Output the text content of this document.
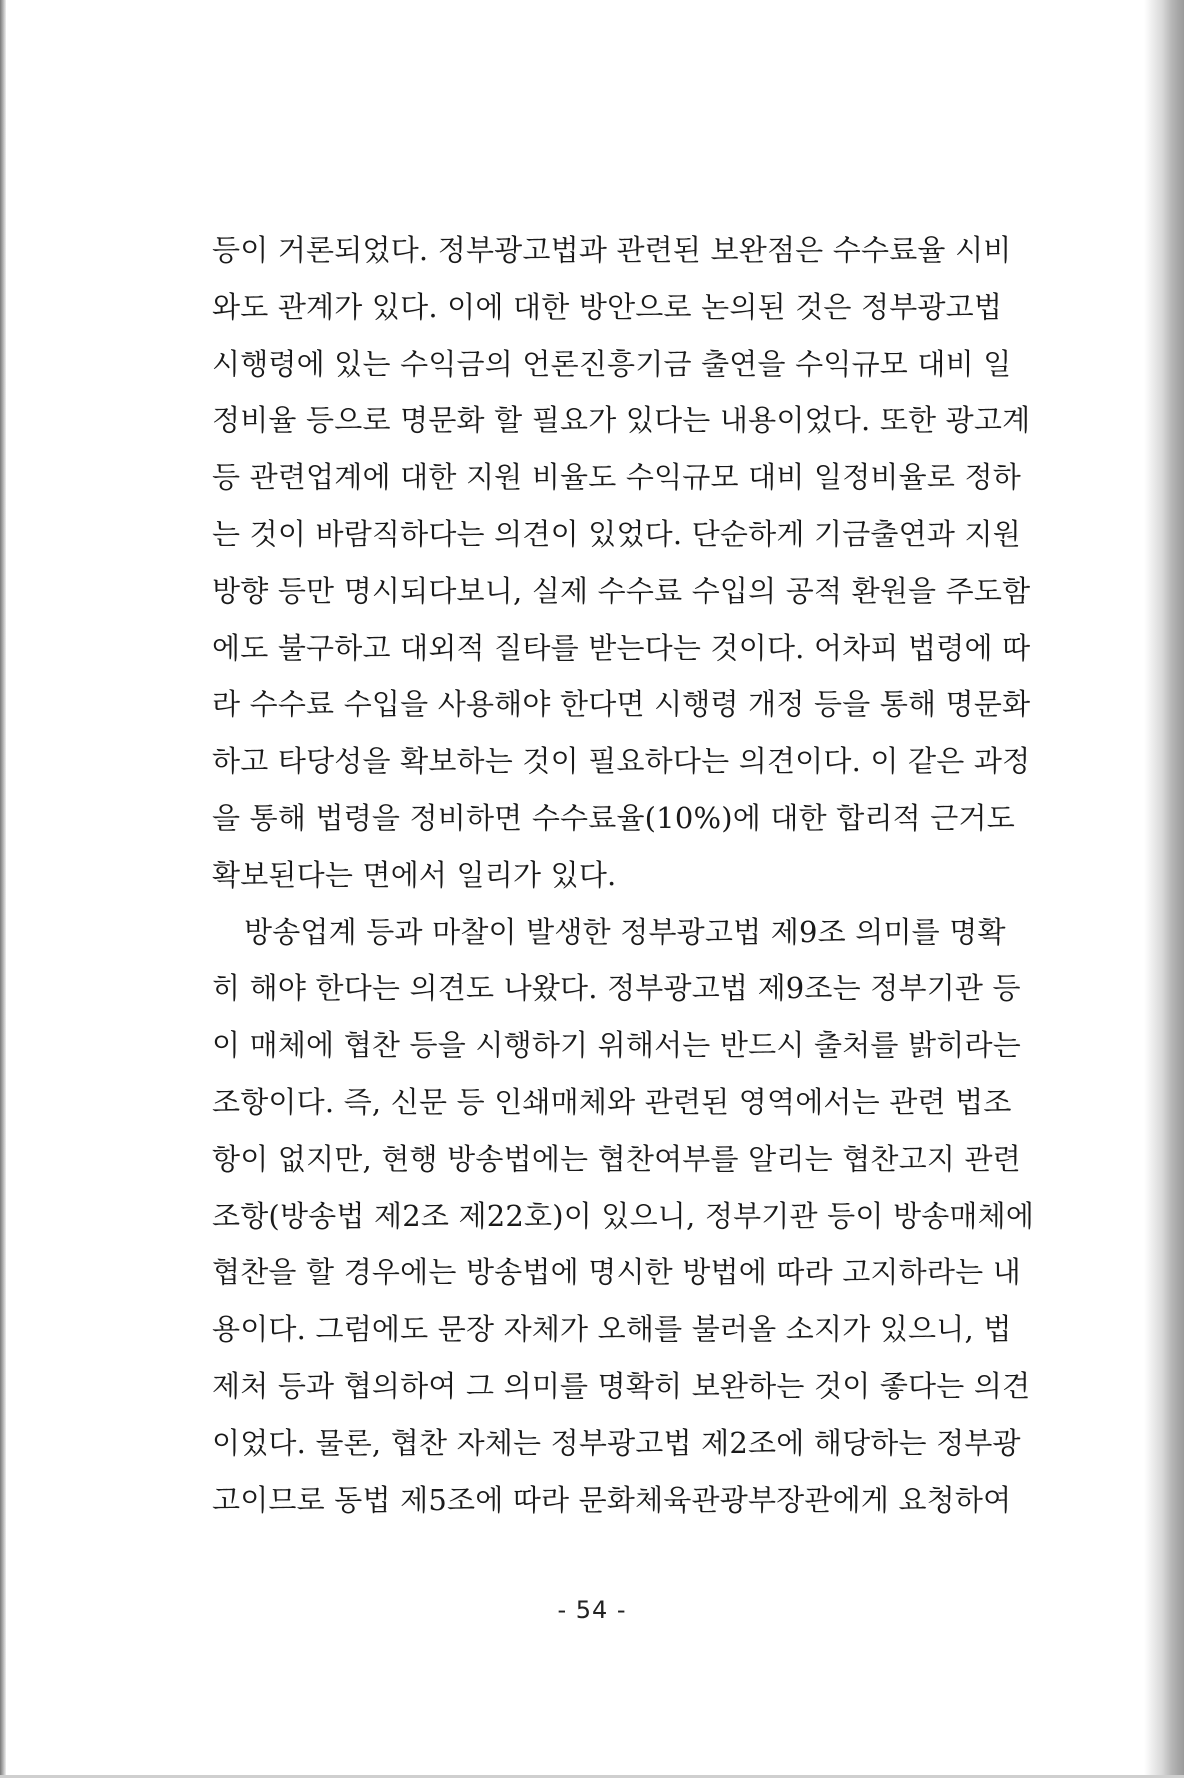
등이 거론되었다. 정부광고법과 관련된 보완점은 수수료율 시비
와도 관계가 있다. 이에 대한 방안으로 논의된 것은 정부광고법
시행령에 있는 수익금의 언론진흥기금 출연을 수익규모 대비 일
정비율 등으로 명문화 할 필요가 있다는 내용이었다. 또한 광고계
등 관련업계에 대한 지원 비율도 수익규모 대비 일정비율로 정하
는 것이 바람직하다는 의견이 있었다. 단순하게 기금출연과 지원
방향 등만 명시되다보니, 실제 수수료 수입의 공적 환원을 주도함
에도 불구하고 대외적 질타를 받는다는 것이다. 어차피 법령에 따
라 수수료 수입을 사용해야 한다면 시행령 개정 등을 통해 명문화
하고 타당성을 확보하는 것이 필요하다는 의견이다. 이 같은 과정
을 통해 법령을 정비하면 수수료율(10%)에 대한 합리적 근거도
확보된다는 면에서 일리가 있다.
방송업계 등과 마찰이 발생한 정부광고법 제9조 의미를 명확
히 해야 한다는 의견도 나왔다. 정부광고법 제9조는 정부기관 등
이 매체에 협찬 등을 시행하기 위해서는 반드시 출처를 밝히라는
조항이다. 즉, 신문 등 인쇄매체와 관련된 영역에서는 관련 법조
항이 없지만, 현행 방송법에는 협찬여부를 알리는 협찬고지 관련
조항(방송법 제2조 제22호)이 있으니, 정부기관 등이 방송매체에
협찬을 할 경우에는 방송법에 명시한 방법에 따라 고지하라는 내
용이다. 그럼에도 문장 자체가 오해를 불러올 소지가 있으니, 법
제처 등과 협의하여 그 의미를 명확히 보완하는 것이 좋다는 의견
이었다. 물론, 협찬 자체는 정부광고법 제2조에 해당하는 정부광
고이므로 동법 제5조에 따라 문화체육관광부장관에게 요청하여
- 54 -
